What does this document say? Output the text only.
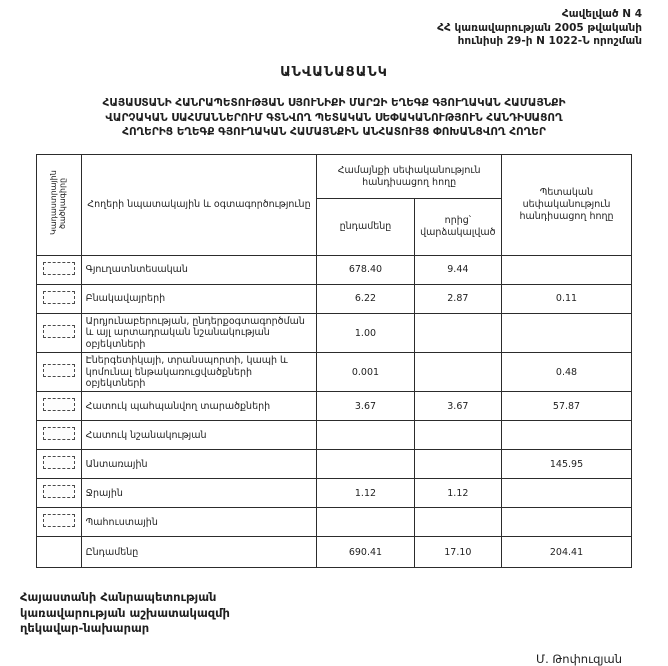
Հավելված N 4
ՀՀ կառավարության 2005 թվականի
հունիսի 29-ի N 1022-Ն որոշման
ԱՆՎԱՆԱՑԱՆԿ
ՀԱՅԱՍՏԱՆԻ ՀԱՆՐԱՊԵՏՈՒԹՅԱՆ ՍՅՈՒՆԻՔԻ ՄԱՐԶԻ ԵՂԵԳՔ ԳՅՈՒՂԱԿԱՆ ՀԱՄԱՅՆՔԻ
ՎԱՐՉԱԿԱՆ ՍԱՀՄԱՆՆԵՐՈՒՄ ԳՏՆՎՈՂ ՊԵՏԱԿԱՆ ՍԵՓԱԿԱՆՈՒԹՅՈՒՆ ՀԱՆԴԻՍԱՑՈՂ
ՀՈՂԵՐԻՑ ԵՂԵԳՔ ԳՅՈՒՂԱԿԱՆ ՀԱՄԱՅՆՔԻՆ ԱՆՀԱՏՈՒՅՑ ՓՈԽԱՆՑՎՈՂ ՀՈՂԵՐ
Կադաստրային ծածկագիրը	Հողերի նպատակային և օգտագործությունը	Համայնքի սեփականություն հանդիսացող հողը		Պետական սեփականություն հանդիսացող հողը
		ընդամենը	որից՝ վարձակալված	
	Գյուղատնտեսական	678.40	9.44	
	Բնակավայրերի	6.22	2.87	0.11
	Արդյունաբերության, ընդերքօգտագործման և այլ արտադրական նշանակության օբյեկտների	1.00		
	Էներգետիկայի, տրանսպորտի, կապի և կոմունալ ենթակառուցվածքների օբյեկտների	0.001		0.48
	Հատուկ պահպանվող տարածքների	3.67	3.67	57.87
	Հատուկ նշանակության			
	Անտառային			145.95
	Ջրային	1.12	1.12	
	Պահուստային			
	Ընդամենը	690.41	17.10	204.41
Հայաստանի Հանրապետության
կառավարության աշխատակազմի
ղեկավար-նախարար
Մ. Թոփուզյան
